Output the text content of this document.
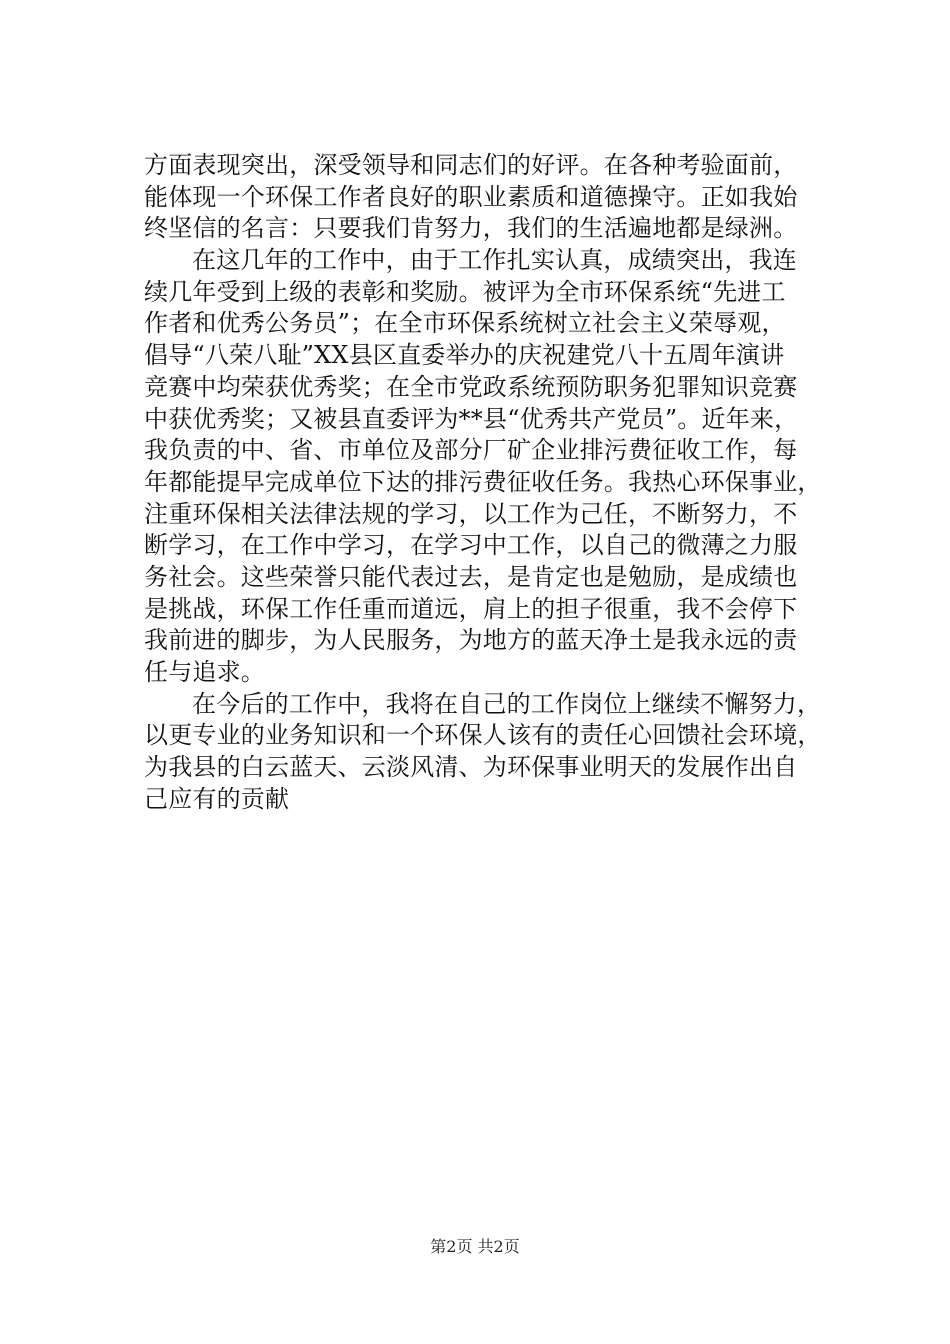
方面表现突出，深受领导和同志们的好评。在各种考验面前，
能体现一个环保工作者良好的职业素质和道德操守。正如我始
终坚信的名言：只要我们肯努力，我们的生活遍地都是绿洲。
在这几年的工作中，由于工作扎实认真，成绩突出，我连
续几年受到上级的表彰和奖励。被评为全市环保系统“先进工
作者和优秀公务员”；在全市环保系统树立社会主义荣辱观，
倡导“八荣八耻”XX县区直委举办的庆祝建党八十五周年演讲
竞赛中均荣获优秀奖；在全市党政系统预防职务犯罪知识竞赛
中获优秀奖；又被县直委评为**县“优秀共产党员”。近年来，
我负责的中、省、市单位及部分厂矿企业排污费征收工作，每
年都能提早完成单位下达的排污费征收任务。我热心环保事业，
注重环保相关法律法规的学习，以工作为己任，不断努力，不
断学习，在工作中学习，在学习中工作，以自己的微薄之力服
务社会。这些荣誉只能代表过去，是肯定也是勉励，是成绩也
是挑战，环保工作任重而道远，肩上的担子很重，我不会停下
我前进的脚步，为人民服务，为地方的蓝天净土是我永远的责
任与追求。
在今后的工作中，我将在自己的工作岗位上继续不懈努力，
以更专业的业务知识和一个环保人该有的责任心回馈社会环境，
为我县的白云蓝天、云淡风清、为环保事业明天的发展作出自
己应有的贡献
第2页 共2页
